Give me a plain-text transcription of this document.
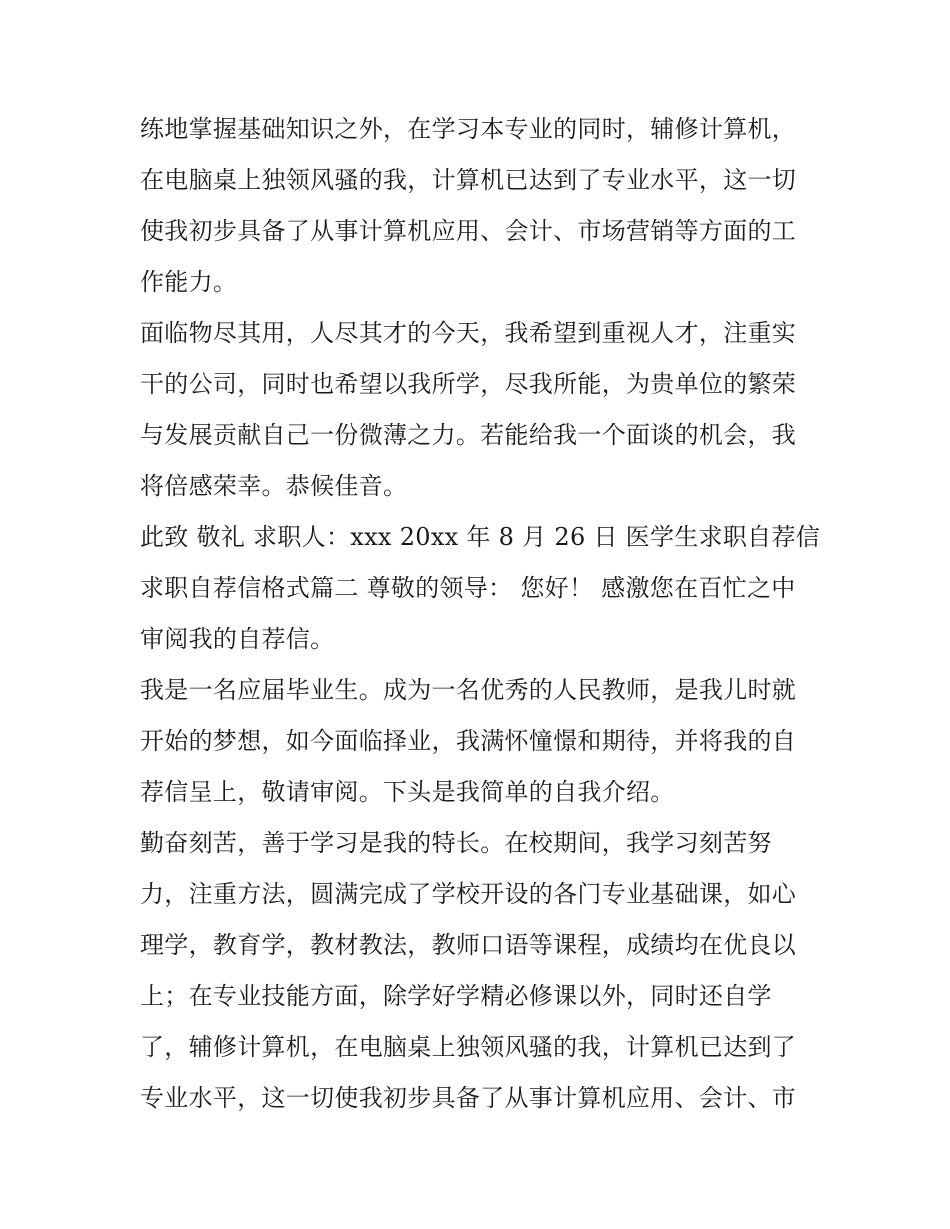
练地掌握基础知识之外，在学习本专业的同时，辅修计算机，
在电脑桌上独领风骚的我，计算机已达到了专业水平，这一切
使我初步具备了从事计算机应用、会计、市场营销等方面的工
作能力。
面临物尽其用，人尽其才的今天，我希望到重视人才，注重实
干的公司，同时也希望以我所学，尽我所能，为贵单位的繁荣
与发展贡献自己一份微薄之力。若能给我一个面谈的机会，我
将倍感荣幸。恭候佳音。
此致 敬礼 求职人：xxx 20xx 年 8 月 26 日 医学生求职自荐信
求职自荐信格式篇二 尊敬的领导： 您好！ 感激您在百忙之中
审阅我的自荐信。
我是一名应届毕业生。成为一名优秀的人民教师，是我儿时就
开始的梦想，如今面临择业，我满怀憧憬和期待，并将我的自
荐信呈上，敬请审阅。下头是我简单的自我介绍。
勤奋刻苦，善于学习是我的特长。在校期间，我学习刻苦努
力，注重方法，圆满完成了学校开设的各门专业基础课，如心
理学，教育学，教材教法，教师口语等课程，成绩均在优良以
上；在专业技能方面，除学好学精必修课以外，同时还自学
了，辅修计算机，在电脑桌上独领风骚的我，计算机已达到了
专业水平，这一切使我初步具备了从事计算机应用、会计、市
